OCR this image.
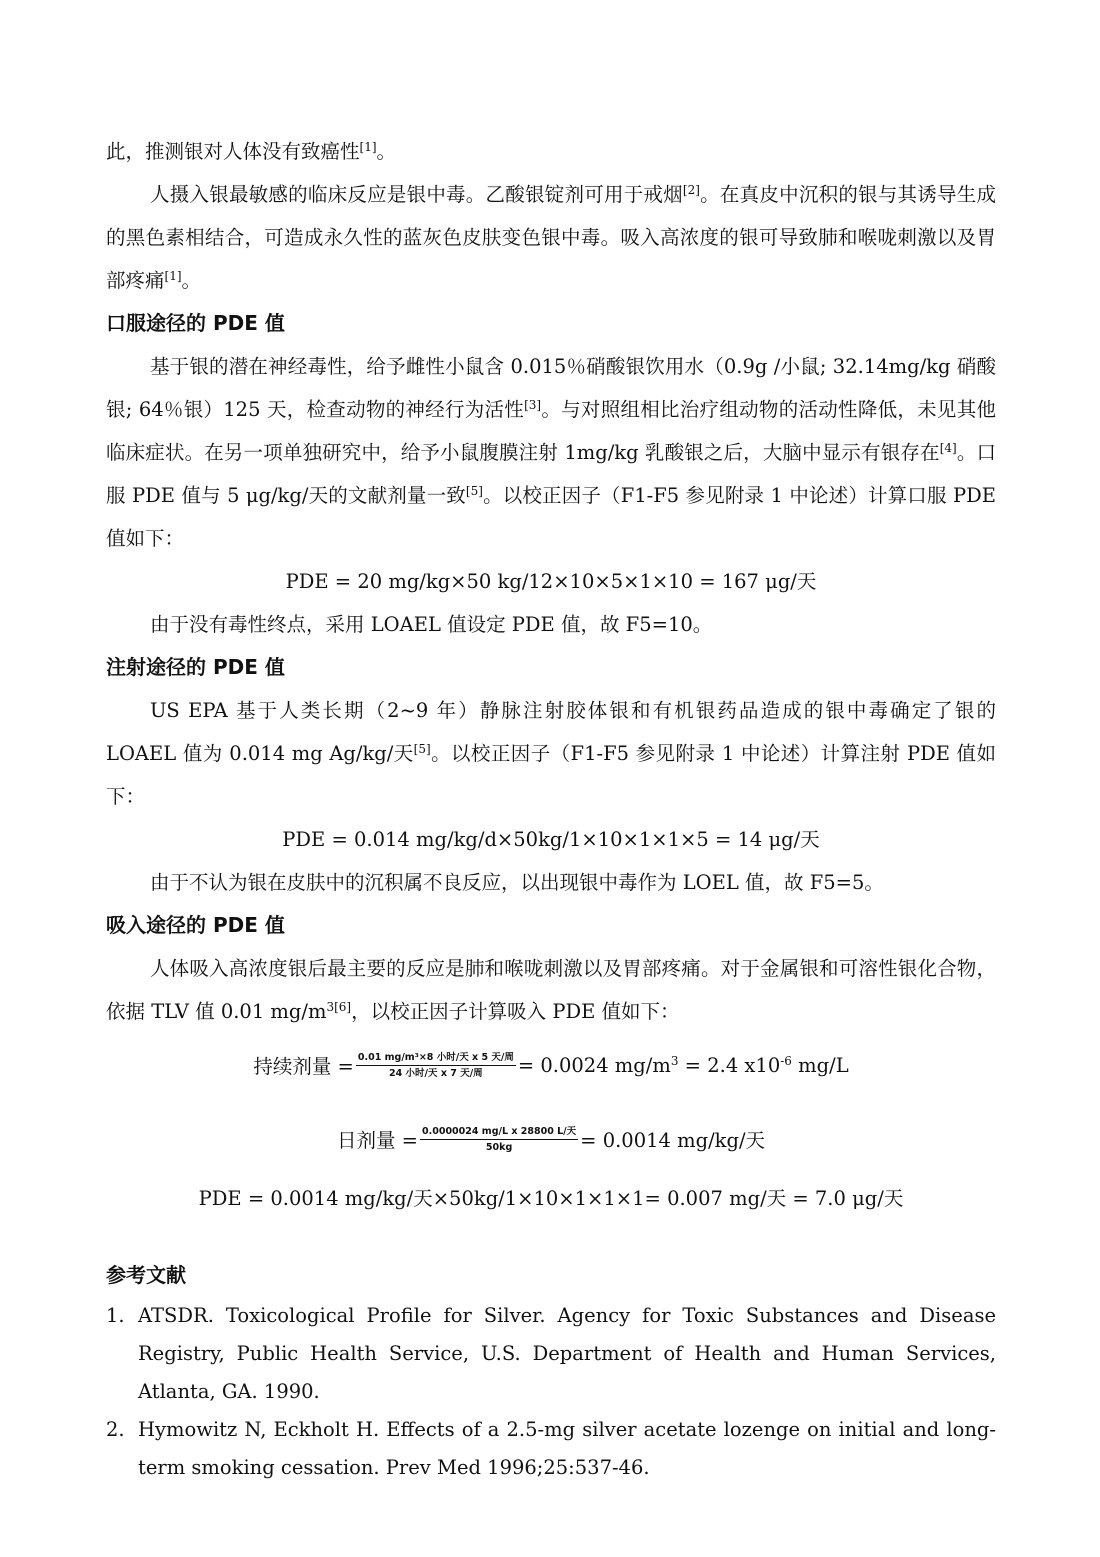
此，推测银对人体没有致癌性[1]。

人摄入银最敏感的临床反应是银中毒。乙酸银锭剂可用于戒烟[2]。在真皮中沉积的银与其诱导生成的黑色素相结合，可造成永久性的蓝灰色皮肤变色银中毒。吸入高浓度的银可导致肺和喉咙刺激以及胃部疼痛[1]。

口服途径的 PDE 值

基于银的潜在神经毒性，给予雌性小鼠含 0.015％硝酸银饮用水（0.9g /小鼠; 32.14mg/kg 硝酸银; 64％银）125 天，检查动物的神经行为活性[3]。与对照组相比治疗组动物的活动性降低，未见其他临床症状。在另一项单独研究中，给予小鼠腹膜注射 1mg/kg 乳酸银之后，大脑中显示有银存在[4]。口服 PDE 值与 5 μg/kg/天的文献剂量一致[5]。以校正因子（F1-F5 参见附录 1 中论述）计算口服 PDE 值如下：

PDE = 20 mg/kg×50 kg/12×10×5×1×10 = 167 μg/天

由于没有毒性终点，采用 LOAEL 值设定 PDE 值，故 F5=10。

注射途径的 PDE 值

US EPA 基于人类长期（2~9 年）静脉注射胶体银和有机银药品造成的银中毒确定了银的 LOAEL 值为 0.014 mg Ag/kg/天[5]。以校正因子（F1-F5 参见附录 1 中论述）计算注射 PDE 值如下：

PDE = 0.014 mg/kg/d×50kg/1×10×1×1×5 = 14 μg/天

由于不认为银在皮肤中的沉积属不良反应，以出现银中毒作为 LOEL 值，故 F5=5。

吸入途径的 PDE 值

人体吸入高浓度银后最主要的反应是肺和喉咙刺激以及胃部疼痛。对于金属银和可溶性银化合物，依据 TLV 值 0.01 $mg/m^{3[6]}$，以校正因子计算吸入 PDE 值如下：

持续剂量 = $\frac{\text{0.01 mg/m³×8 小时/天 x 5 天/周}}{\text{24 小时/天 x 7 天/周}} = 0.0024$ $mg/m^3 = 2.4$ $x10^{-6}$ mg/L
日剂量 = $\frac{\text{0.0000024 mg/L x 28800 L/天}}{50kg} = 0.0014$ mg/kg/天

PDE = 0.0014 mg/kg/天×50kg/1×10×1×1×1= 0.007 mg/天 = 7.0 μg/天

参考文献
1. ATSDR. Toxicological Profile for Silver. Agency for Toxic Substances and Disease Registry, Public Health Service, U.S. Department of Health and Human Services, Atlanta, GA. 1990.
2. Hymowitz N, Eckholt H. Effects of a 2.5-mg silver acetate lozenge on initial and long-term smoking cessation. Prev Med 1996;25:537-46.
